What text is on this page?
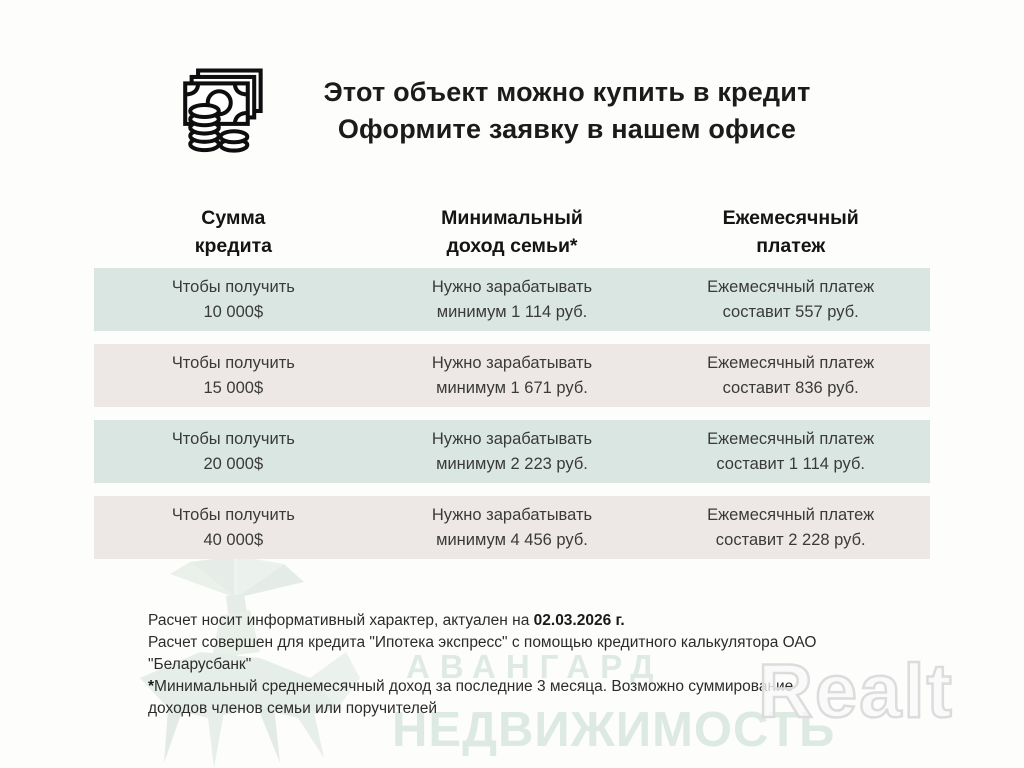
АВАНГАРД
НЕДВИЖИМОСТЬ
Realt
Этот объект можно купить в кредит
Оформите заявку в нашем офисе
Сумма
кредита
Минимальный
доход семьи*
Ежемесячный
платеж
Чтобы получить
10 000$
Нужно зарабатывать
минимум 1 114 руб.
Ежемесячный платеж
составит 557 руб.
Чтобы получить
15 000$
Нужно зарабатывать
минимум 1 671 руб.
Ежемесячный платеж
составит 836 руб.
Чтобы получить
20 000$
Нужно зарабатывать
минимум 2 223 руб.
Ежемесячный платеж
составит 1 114 руб.
Чтобы получить
40 000$
Нужно зарабатывать
минимум 4 456 руб.
Ежемесячный платеж
составит 2 228 руб.
Расчет носит информативный характер, актуален на 02.03.2026 г.
Расчет совершен для кредита "Ипотека экспресс" с помощью кредитного калькулятора ОАО
"Беларусбанк"
*Минимальный среднемесячный доход за последние 3 месяца. Возможно суммирование
доходов членов семьи или поручителей
